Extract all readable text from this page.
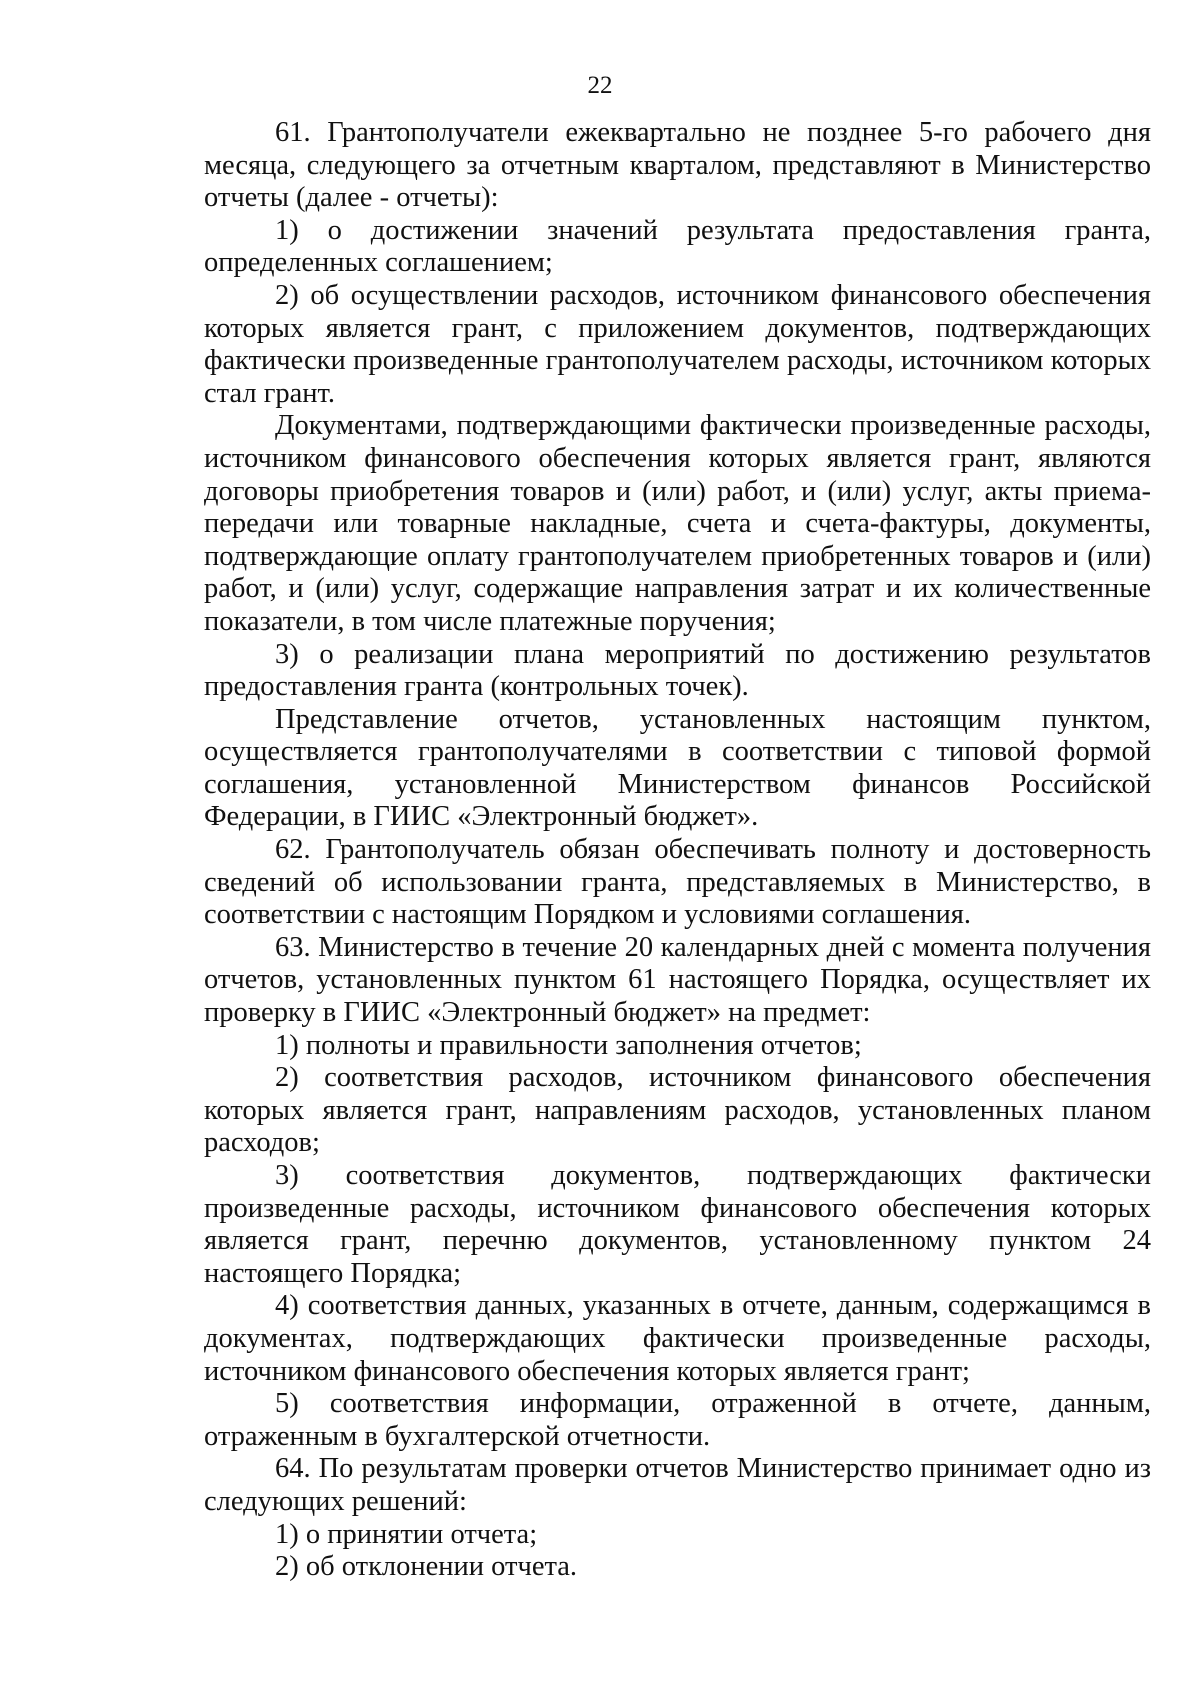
22

61. Грантополучатели ежеквартально не позднее 5-го рабочего дня месяца, следующего за отчетным кварталом, представляют в Министерство отчеты (далее - отчеты):

1) о достижении значений результата предоставления гранта, определенных соглашением;

2) об осуществлении расходов, источником финансового обеспечения которых является грант, с приложением документов, подтверждающих фактически произведенные грантополучателем расходы, источником которых стал грант.

Документами, подтверждающими фактически произведенные расходы, источником финансового обеспечения которых является грант, являются договоры приобретения товаров и (или) работ, и (или) услуг, акты приема-передачи или товарные накладные, счета и счета-фактуры, документы, подтверждающие оплату грантополучателем приобретенных товаров и (или) работ, и (или) услуг, содержащие направления затрат и их количественные показатели, в том числе платежные поручения;

3) о реализации плана мероприятий по достижению результатов предоставления гранта (контрольных точек).

Представление отчетов, установленных настоящим пунктом, осуществляется грантополучателями в соответствии с типовой формой соглашения, установленной Министерством финансов Российской Федерации, в ГИИС «Электронный бюджет».

62. Грантополучатель обязан обеспечивать полноту и достоверность сведений об использовании гранта, представляемых в Министерство, в соответствии с настоящим Порядком и условиями соглашения.

63. Министерство в течение 20 календарных дней с момента получения отчетов, установленных пунктом 61 настоящего Порядка, осуществляет их проверку в ГИИС «Электронный бюджет» на предмет:

1) полноты и правильности заполнения отчетов;

2) соответствия расходов, источником финансового обеспечения которых является грант, направлениям расходов, установленных планом расходов;

3) соответствия документов, подтверждающих фактически произведенные расходы, источником финансового обеспечения которых является грант, перечню документов, установленному пунктом 24 настоящего Порядка;

4) соответствия данных, указанных в отчете, данным, содержащимся в документах, подтверждающих фактически произведенные расходы, источником финансового обеспечения которых является грант;

5) соответствия информации, отраженной в отчете, данным, отраженным в бухгалтерской отчетности.

64. По результатам проверки отчетов Министерство принимает одно из следующих решений:

1) о принятии отчета;

2) об отклонении отчета.
